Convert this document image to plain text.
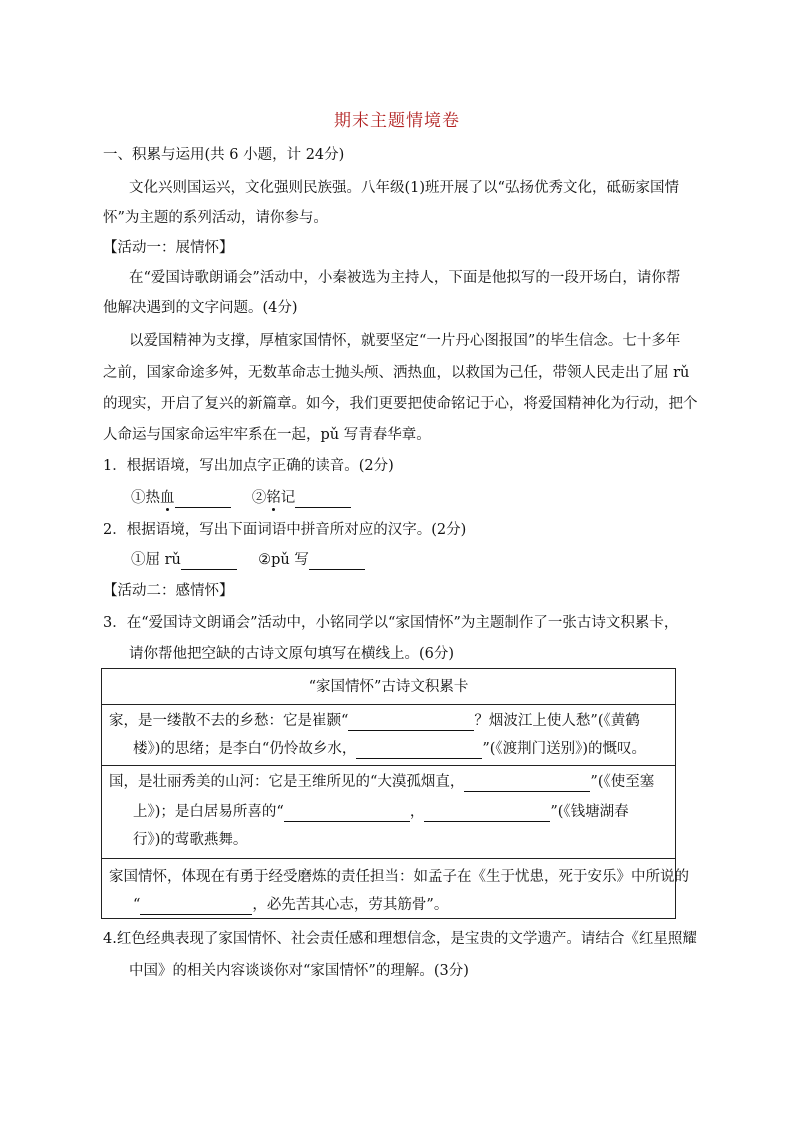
期末主题情境卷
一、积累与运用(共 6 小题，计 24分)
文化兴则国运兴，文化强则民族强。八年级(1)班开展了以“弘扬优秀文化，砥砺家国情
怀”为主题的系列活动，请你参与。
【活动一：展情怀】
在“爱国诗歌朗诵会”活动中，小秦被选为主持人，下面是他拟写的一段开场白，请你帮
他解决遇到的文字问题。(4分)
以爱国精神为支撑，厚植家国情怀，就要坚定“一片丹心图报国”的毕生信念。七十多年
之前，国家命途多舛，无数革命志士抛头颅、洒热血，以救国为己任，带领人民走出了屈 rǔ
的现实，开启了复兴的新篇章。如今，我们更要把使命铭记于心，将爱国精神化为行动，把个
人命运与国家命运牢牢系在一起，pǔ 写青春华章。
1．根据语境，写出加点字正确的读音。(2分)
①热血	②铭记
2．根据语境，写出下面词语中拼音所对应的汉字。(2分)
①屈 rǔ	②pǔ 写
【活动二：感情怀】
3．在“爱国诗文朗诵会”活动中，小铭同学以“家国情怀”为主题制作了一张古诗文积累卡，
请你帮他把空缺的古诗文原句填写在横线上。(6分)
“家国情怀”古诗文积累卡
家，是一缕散不去的乡愁：它是崔颢“	？烟波江上使人愁”(《黄鹤
楼》)的思绪；是李白“仍怜故乡水，	”(《渡荆门送别》)的慨叹。
国，是壮丽秀美的山河：它是王维所见的“大漠孤烟直，	”(《使至塞
上》)；是白居易所喜的“	，	”(《钱塘湖春
行》)的莺歌燕舞。
家国情怀，体现在有勇于经受磨炼的责任担当：如孟子在《生于忧患，死于安乐》中所说的
“	，必先苦其心志，劳其筋骨”。
4.红色经典表现了家国情怀、社会责任感和理想信念，是宝贵的文学遗产。请结合《红星照耀
中国》的相关内容谈谈你对“家国情怀”的理解。(3分)
